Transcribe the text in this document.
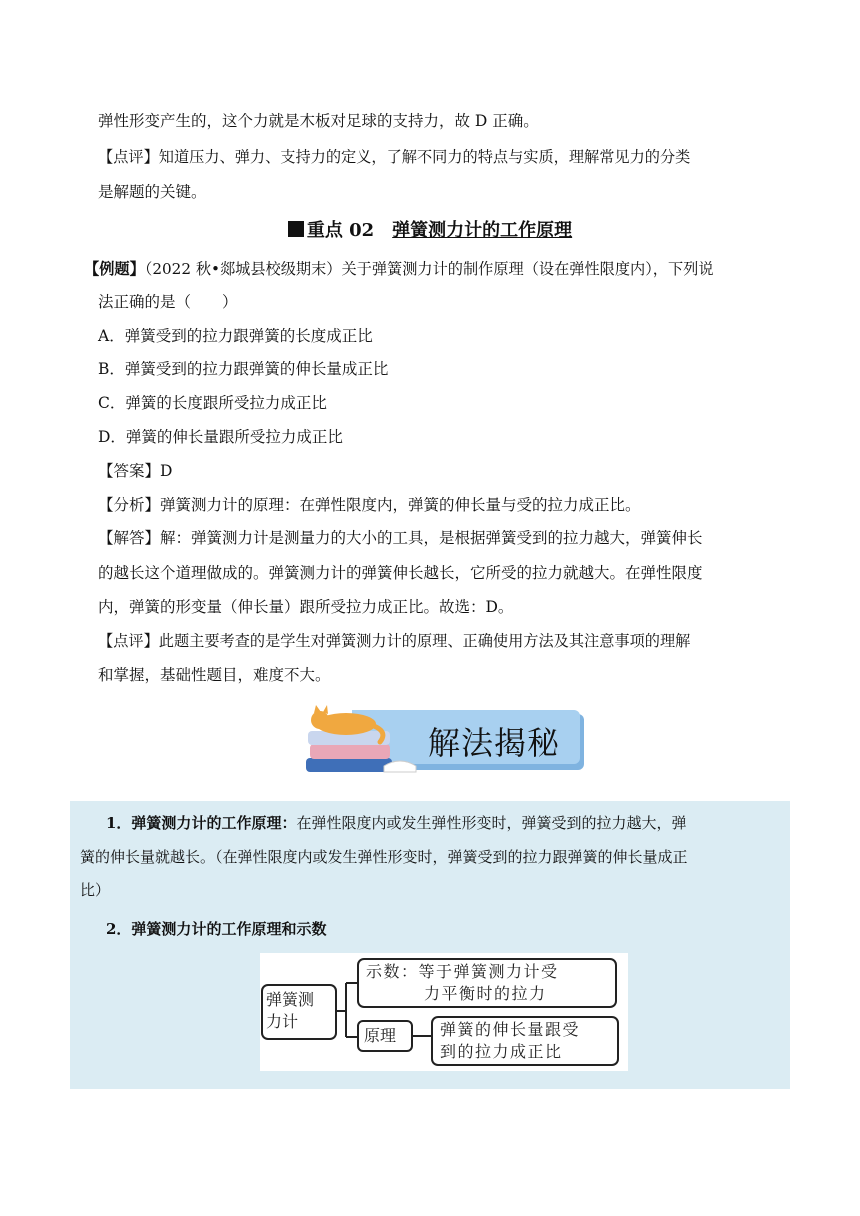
弹性形变产生的，这个力就是木板对足球的支持力，故 D 正确。
【点评】知道压力、弹力、支持力的定义，了解不同力的特点与实质，理解常见力的分类
是解题的关键。
重点 02 弹簧测力计的工作原理
【例题】（2022 秋•郯城县校级期末）关于弹簧测力计的制作原理（设在弹性限度内），下列说
法正确的是（　　）
A．弹簧受到的拉力跟弹簧的长度成正比
B．弹簧受到的拉力跟弹簧的伸长量成正比
C．弹簧的长度跟所受拉力成正比
D．弹簧的伸长量跟所受拉力成正比
【答案】D
【分析】弹簧测力计的原理：在弹性限度内，弹簧的伸长量与受的拉力成正比。
【解答】解：弹簧测力计是测量力的大小的工具，是根据弹簧受到的拉力越大，弹簧伸长
的越长这个道理做成的。弹簧测力计的弹簧伸长越长，它所受的拉力就越大。在弹性限度
内，弹簧的形变量（伸长量）跟所受拉力成正比。故选：D。
【点评】此题主要考查的是学生对弹簧测力计的原理、正确使用方法及其注意事项的理解
和掌握，基础性题目，难度不大。
解法揭秘
1．弹簧测力计的工作原理：在弹性限度内或发生弹性形变时，弹簧受到的拉力越大，弹
簧的伸长量就越长。（在弹性限度内或发生弹性形变时，弹簧受到的拉力跟弹簧的伸长量成正
比）
2．弹簧测力计的工作原理和示数
弹簧测
力计
示数：等于弹簧测力计受
力平衡时的拉力
原理	弹簧的伸长量跟受
到的拉力成正比
